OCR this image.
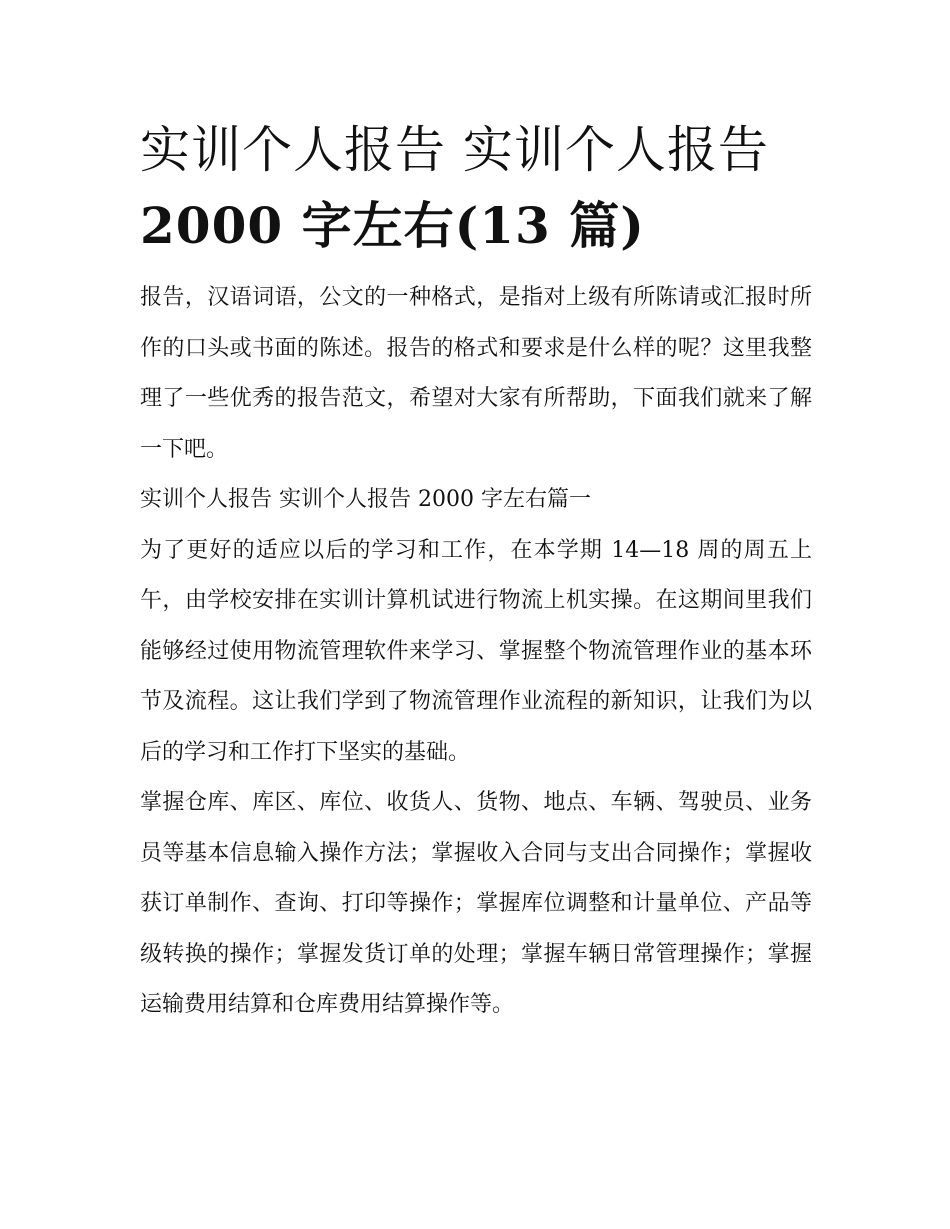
实训个人报告 实训个人报告
2000 字左右(13 篇)

报告，汉语词语，公文的一种格式，是指对上级有所陈请或汇报时所作的口头或书面的陈述。报告的格式和要求是什么样的呢？这里我整理了一些优秀的报告范文，希望对大家有所帮助，下面我们就来了解一下吧。

实训个人报告 实训个人报告 2000 字左右篇一

为了更好的适应以后的学习和工作，在本学期 14—18 周的周五上午，由学校安排在实训计算机试进行物流上机实操。在这期间里我们能够经过使用物流管理软件来学习、掌握整个物流管理作业的基本环节及流程。这让我们学到了物流管理作业流程的新知识，让我们为以后的学习和工作打下坚实的基础。

掌握仓库、库区、库位、收货人、货物、地点、车辆、驾驶员、业务员等基本信息输入操作方法；掌握收入合同与支出合同操作；掌握收获订单制作、查询、打印等操作；掌握库位调整和计量单位、产品等级转换的操作；掌握发货订单的处理；掌握车辆日常管理操作；掌握运输费用结算和仓库费用结算操作等。
